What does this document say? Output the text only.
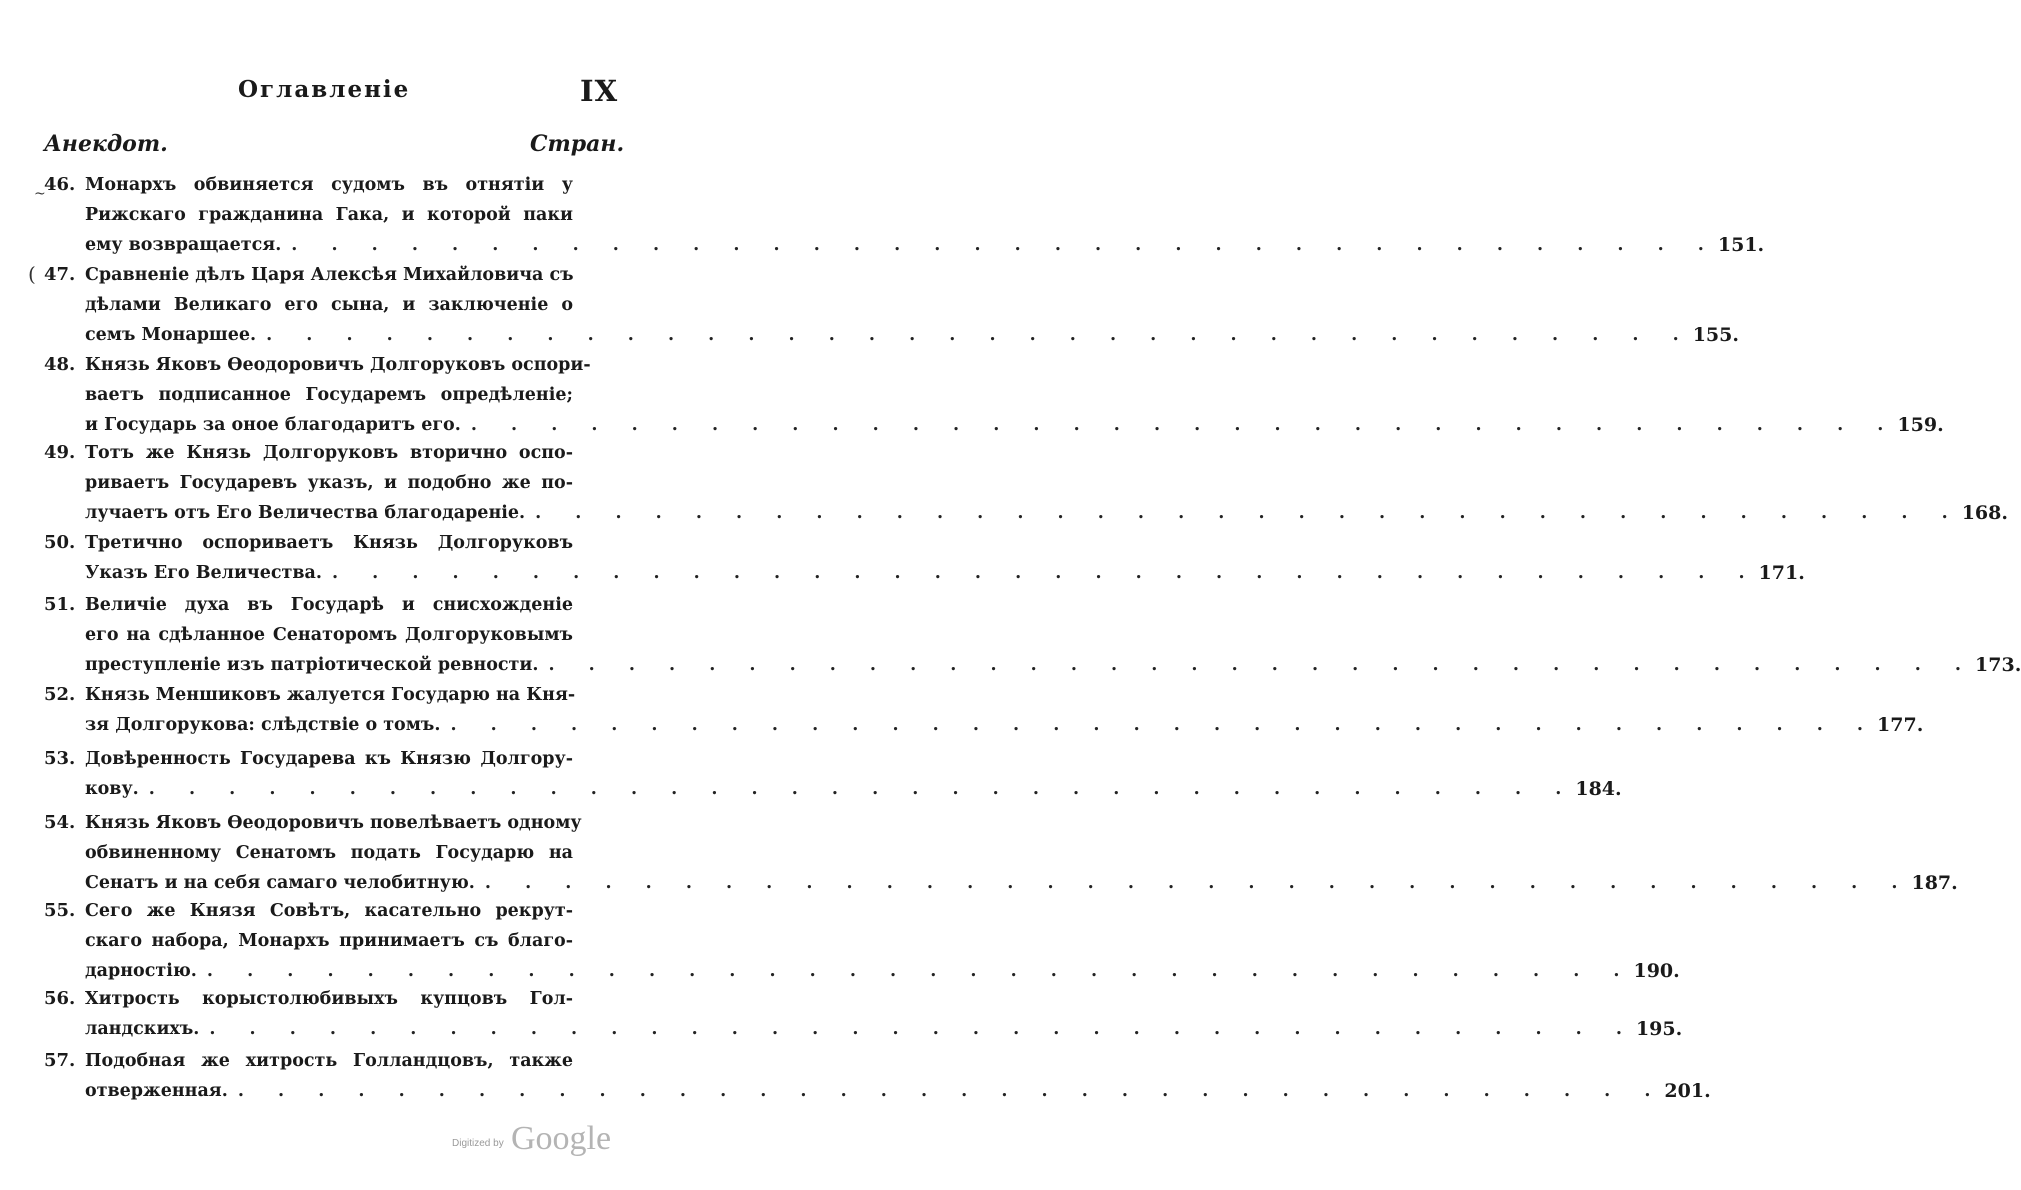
Оглавленіе	IX
Анекдот.	Стран.
46. Монархъ обвиняется судомъ въ отнятіи у
Рижскаго гражданина Гака, и которой паки
ему возвращается. . . . . . . . . . . . . . . . . . . . . . . . . . . . . . . . . . . . . 151.
47. Сравненіе дѣлъ Царя Алексѣя Михайловича съ
дѣлами Великаго его сына, и заключеніе о
семъ Монаршее. . . . . . . . . . . . . . . . . . . . . . . . . . . . . . . . . . . . . 155.
48. Князь Яковъ Ѳеодоровичъ Долгоруковъ оспори-
ваетъ подписанное Государемъ опредѣленіе;
и Государь за оное благодаритъ его. . . . . . . . . . . . . . . . . . . . . . . . . . . . . . . . . . . . . 159.
49. Тотъ же Князь Долгоруковъ вторично оспо-
риваетъ Государевъ указъ, и подобно же по-
лучаетъ отъ Его Величества благодареніе. . . . . . . . . . . . . . . . . . . . . . . . . . . . . . . . . . . . . 168.
50. Третично оспориваетъ Князь Долгоруковъ
Указъ Его Величества. . . . . . . . . . . . . . . . . . . . . . . . . . . . . . . . . . . . . 171.
51. Величіе духа въ Государѣ и снисхожденіе
его на сдѣланное Сенаторомъ Долгоруковымъ
преступленіе изъ патріотической ревности. . . . . . . . . . . . . . . . . . . . . . . . . . . . . . . . . . . . . 173.
52. Князь Меншиковъ жалуется Государю на Кня-
зя Долгорукова: слѣдствіе о томъ. . . . . . . . . . . . . . . . . . . . . . . . . . . . . . . . . . . . . 177.
53. Довѣренность Государева къ Князю Долгору-
кову. . . . . . . . . . . . . . . . . . . . . . . . . . . . . . . . . . . . . 184.
54. Князь Яковъ Ѳеодоровичъ повелѣваетъ одному
обвиненному Сенатомъ подать Государю на
Сенатъ и на себя самаго челобитную. . . . . . . . . . . . . . . . . . . . . . . . . . . . . . . . . . . . . 187.
55. Сего же Князя Совѣтъ, касательно рекрут-
скаго набора, Монархъ принимаетъ съ благо-
дарностію. . . . . . . . . . . . . . . . . . . . . . . . . . . . . . . . . . . . . 190.
56. Хитрость корыстолюбивыхъ купцовъ Гол-
ландскихъ. . . . . . . . . . . . . . . . . . . . . . . . . . . . . . . . . . . . . 195.
57. Подобная же хитрость Голландцовъ, также
отверженная. . . . . . . . . . . . . . . . . . . . . . . . . . . . . . . . . . . . . 201.
(
~
Digitized by Google
